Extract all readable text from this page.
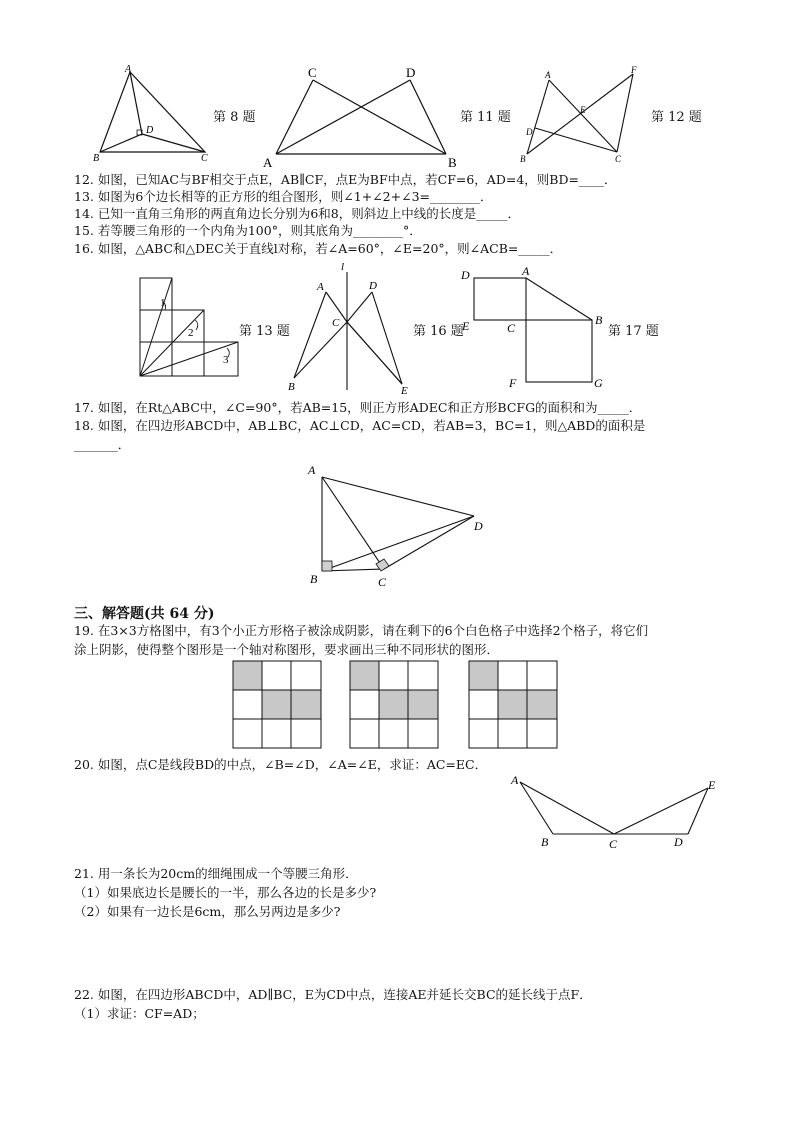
A
B	C
D
第 8 题
C	D
A	B
第 11 题
A	F
E
D
B	C
第 12 题
12. 如图，已知AC与BF相交于点E，AB∥CF，点E为BF中点，若CF=6，AD=4，则BD=____．
13. 如图为6个边长相等的正方形的组合图形，则∠1+∠2+∠3=________．
14. 已知一直角三角形的两直角边长分别为6和8，则斜边上中线的长度是_____．
15. 若等腰三角形的一个内角为100°，则其底角为________°．
16. 如图，△ABC和△DEC关于直线l对称，若∠A=60°，∠E=20°，则∠ACB=_____．
1
2
3
第 13 题
l
A	D
C
B	E
第 16 题
D	A
E	C
B
F	G
第 17 题
17. 如图，在Rt△ABC中，∠C=90°，若AB=15，则正方形ADEC和正方形BCFG的面积和为_____．
18. 如图，在四边形ABCD中，AB⊥BC，AC⊥CD，AC=CD，若AB=3，BC=1，则△ABD的面积是
_______．
A
B	C
D
三、解答题(共 64 分)
19. 在3×3方格图中，有3个小正方形格子被涂成阴影，请在剩下的6个白色格子中选择2个格子，将它们
涂上阴影，使得整个图形是一个轴对称图形，要求画出三种不同形状的图形．
20. 如图，点C是线段BD的中点，∠B=∠D，∠A=∠E，求证：AC=EC．
A
B	C	D
E
21. 用一条长为20cm的细绳围成一个等腰三角形．
（1）如果底边长是腰长的一半，那么各边的长是多少?
（2）如果有一边长是6cm，那么另两边是多少?
22. 如图，在四边形ABCD中，AD∥BC，E为CD中点，连接AE并延长交BC的延长线于点F．
（1）求证：CF=AD；
